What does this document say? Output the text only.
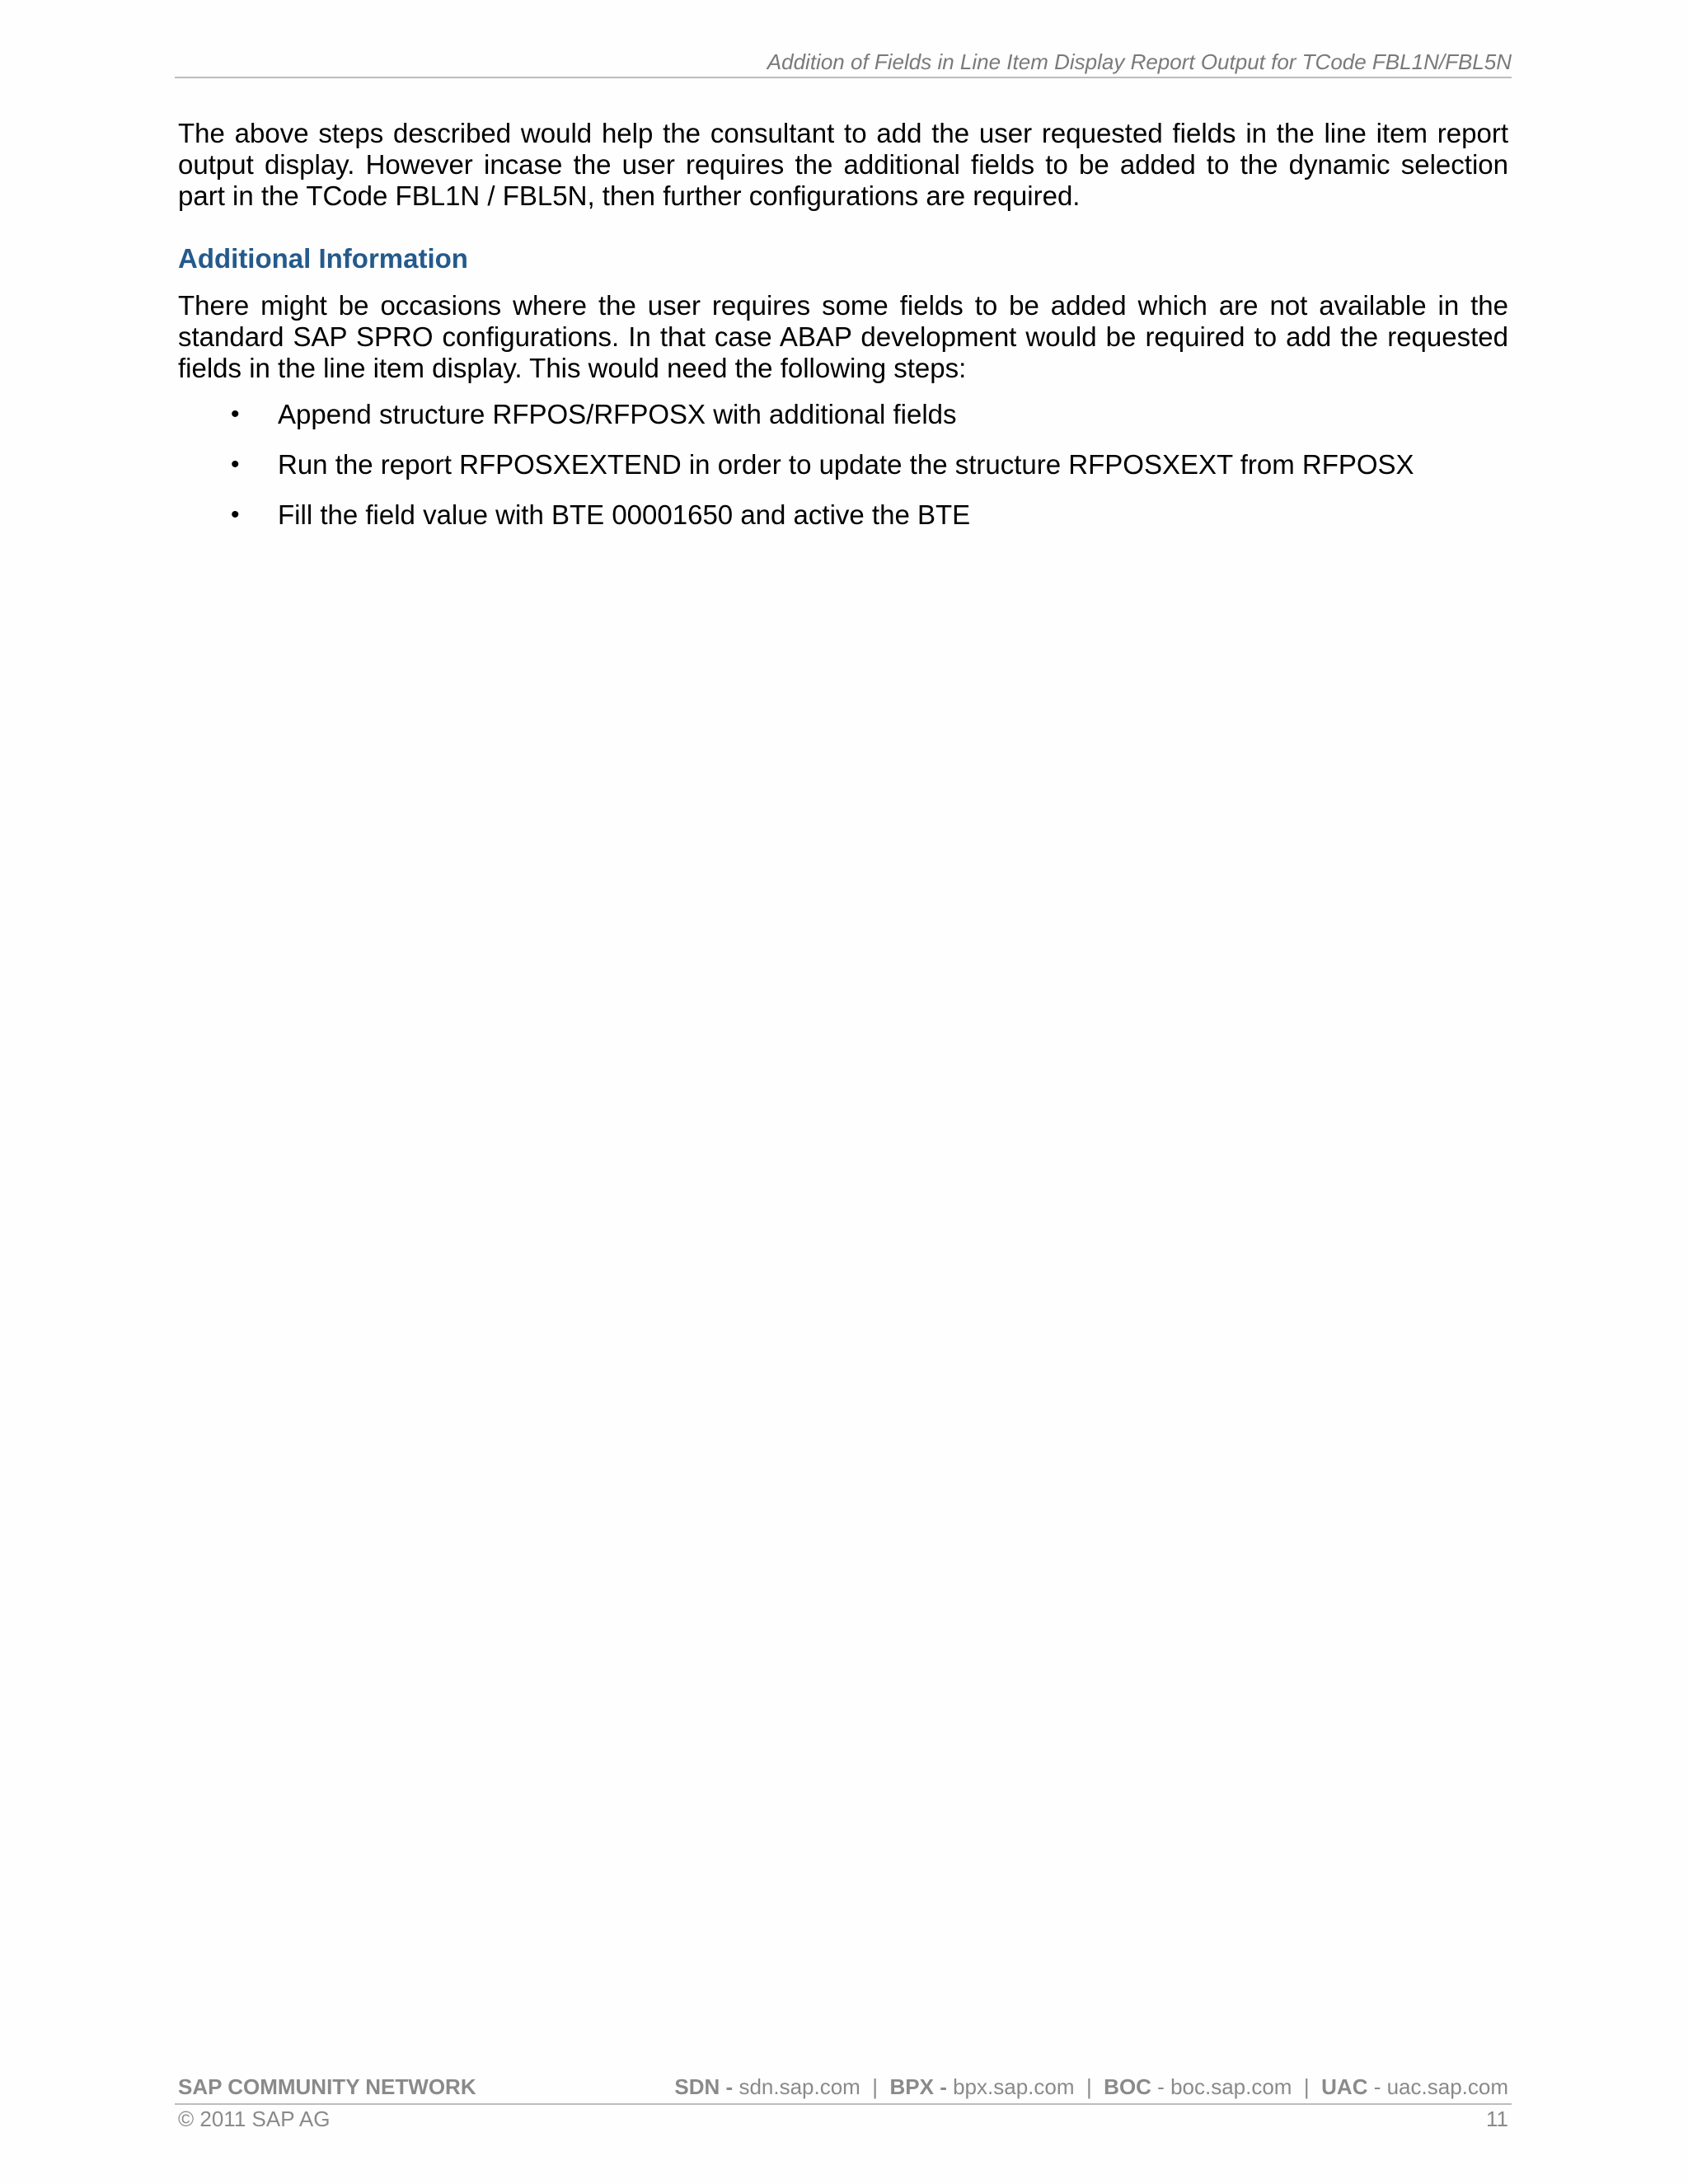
Addition of Fields in Line Item Display Report Output for TCode FBL1N/FBL5N

The above steps described would help the consultant to add the user requested fields in the line item report output display. However incase the user requires the additional fields to be added to the dynamic selection part in the TCode FBL1N / FBL5N, then further configurations are required.

Additional Information

There might be occasions where the user requires some fields to be added which are not available in the standard SAP SPRO configurations. In that case ABAP development would be required to add the requested fields in the line item display. This would need the following steps:

• Append structure RFPOS/RFPOSX with additional fields
• Run the report RFPOSXEXTEND in order to update the structure RFPOSXEXT from RFPOSX
• Fill the field value with BTE 00001650 and active the BTE
SAP COMMUNITY NETWORK	SDN - sdn.sap.com | BPX - bpx.sap.com | BOC - boc.sap.com | UAC - uac.sap.com
© 2011 SAP AG	11
